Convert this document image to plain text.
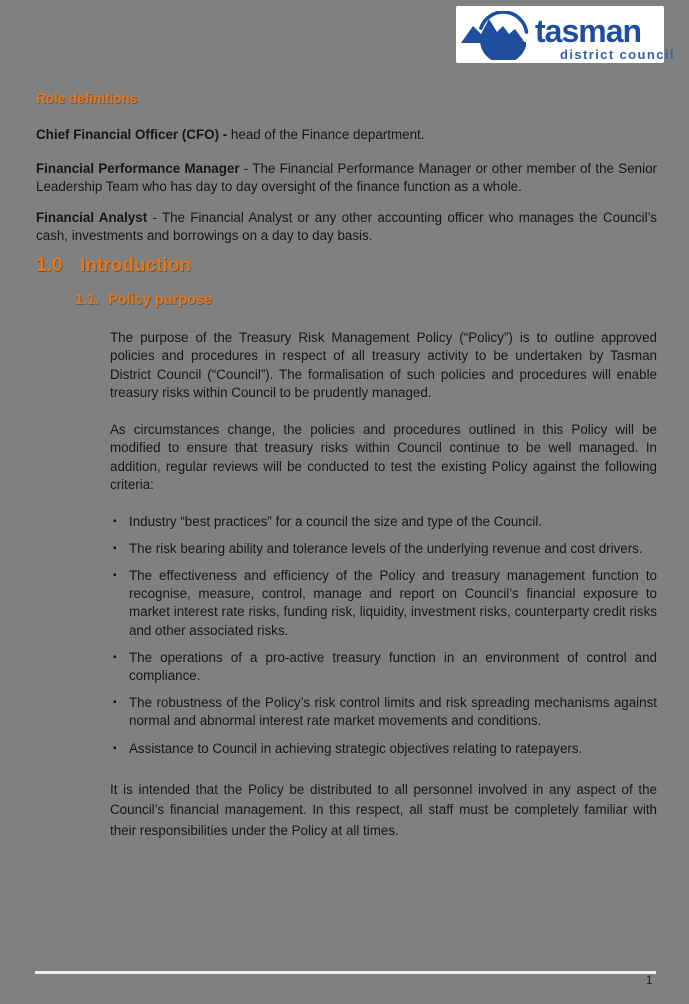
tasman
district council
Role definitions

Chief Financial Officer (CFO) - head of the Finance department.

Financial Performance Manager - The Financial Performance Manager or other member of the Senior Leadership Team who has day to day oversight of the finance function as a whole.

Financial Analyst - The Financial Analyst or any other accounting officer who manages the Council’s cash, investments and borrowings on a day to day basis.

1.0 Introduction
1.1. Policy purpose

The purpose of the Treasury Risk Management Policy (“Policy”) is to outline approved policies and procedures in respect of all treasury activity to be undertaken by Tasman District Council (“Council”). The formalisation of such policies and procedures will enable treasury risks within Council to be prudently managed.

As circumstances change, the policies and procedures outlined in this Policy will be modified to ensure that treasury risks within Council continue to be well managed. In addition, regular reviews will be conducted to test the existing Policy against the following criteria:

▪ Industry “best practices” for a council the size and type of the Council.
▪ The risk bearing ability and tolerance levels of the underlying revenue and cost drivers.
▪ The effectiveness and efficiency of the Policy and treasury management function to recognise, measure, control, manage and report on Council’s financial exposure to market interest rate risks, funding risk, liquidity, investment risks, counterparty credit risks and other associated risks.
▪ The operations of a pro-active treasury function in an environment of control and compliance.
▪ The robustness of the Policy’s risk control limits and risk spreading mechanisms against normal and abnormal interest rate market movements and conditions.
▪ Assistance to Council in achieving strategic objectives relating to ratepayers.

It is intended that the Policy be distributed to all personnel involved in any aspect of the Council’s financial management. In this respect, all staff must be completely familiar with their responsibilities under the Policy at all times.

1
